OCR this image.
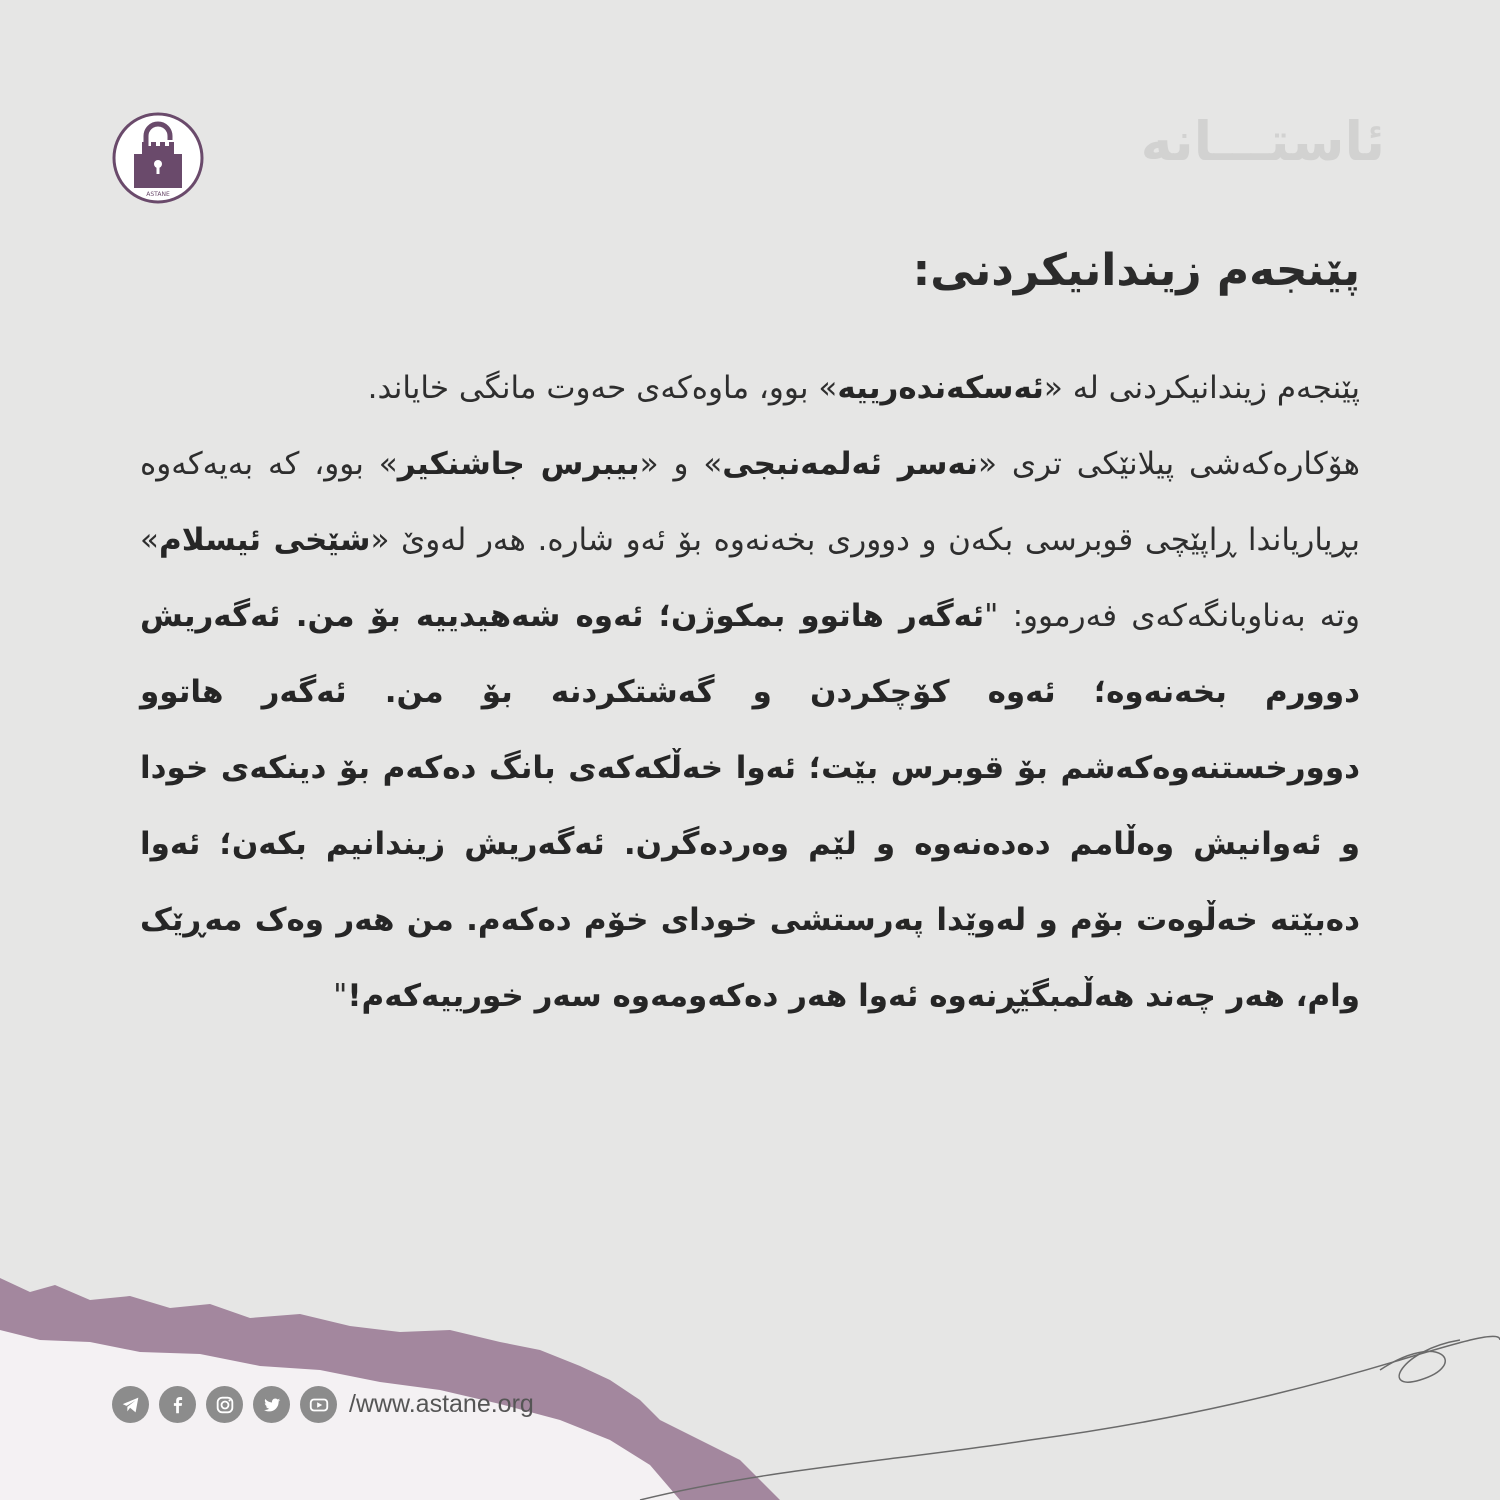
ASTANE
ئاستـــانە
پێنجەم زیندانیکردنی:

پێنجەم زیندانیکردنی لە «ئەسکەندەرییە» بوو، ماوەکەی حەوت مانگی خایاند.

هۆکارەکەشی پیلانێکی تری «نەسر ئەلمەنبجی» و «بیبرس جاشنکیر» بوو، کە بەیەکەوە بڕیاریاندا ڕاپێچی قوبرسی بکەن و دووری بخەنەوە بۆ ئەو شارە. هەر لەوێ «شێخی ئیسلام» وتە بەناوبانگەکەی فەرموو: "ئەگەر هاتوو بمکوژن؛ ئەوە شەهیدییە بۆ من. ئەگەریش دوورم بخەنەوە؛ ئەوە کۆچکردن و گەشتکردنە بۆ من. ئەگەر هاتوو دوورخستنەوەکەشم بۆ قوبرس بێت؛ ئەوا خەڵکەکەی بانگ دەکەم بۆ دینکەی خودا و ئەوانیش وەڵامم دەدەنەوە و لێم وەردەگرن. ئەگەریش زیندانیم بکەن؛ ئەوا دەبێتە خەڵوەت بۆم و لەوێدا پەرستشی خودای خۆم دەکەم. من هەر وەک مەڕێک وام، هەر چەند هەڵمبگێڕنەوە ئەوا هەر دەکەومەوە سەر خورییەکەم!"

/www.astane.org
